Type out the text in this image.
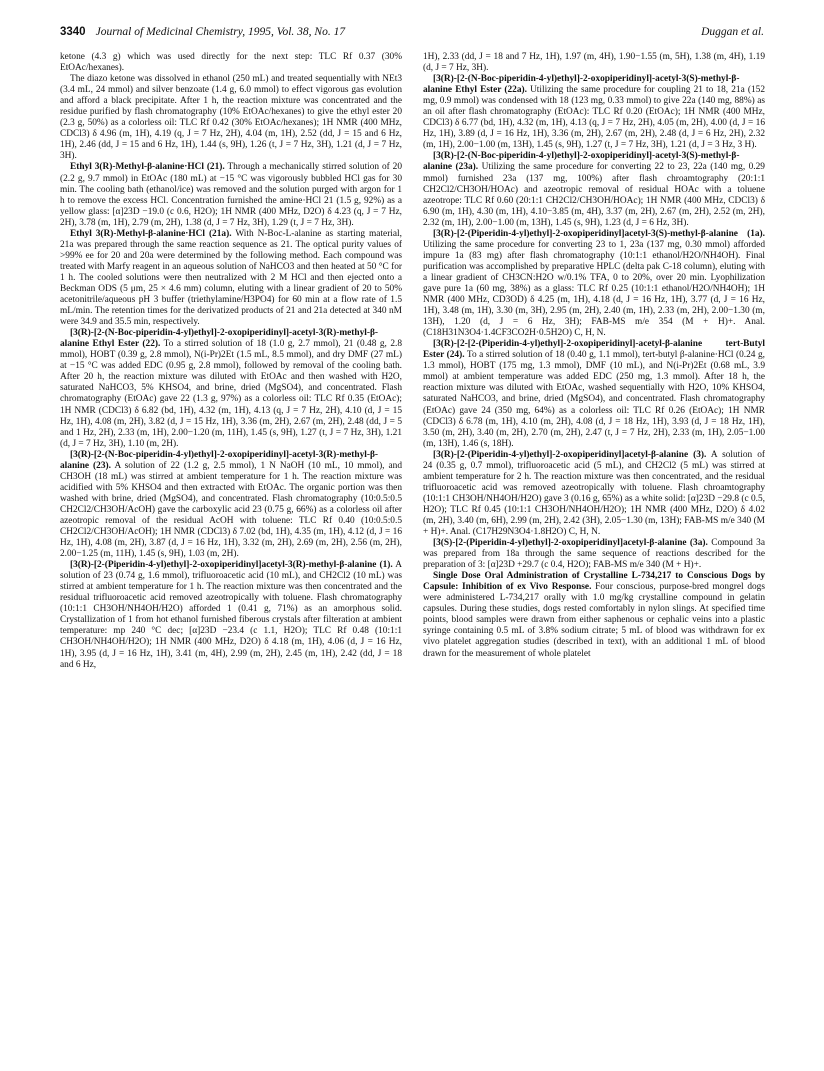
3340 Journal of Medicinal Chemistry, 1995, Vol. 38, No. 17	Duggan et al.

ketone (4.3 g) which was used directly for the next step: TLC Rf 0.37 (30% EtOAc/hexanes).

The diazo ketone was dissolved in ethanol (250 mL) and treated sequentially with NEt3 (3.4 mL, 24 mmol) and silver benzoate (1.4 g, 6.0 mmol) to effect vigorous gas evolution and afford a black precipitate. After 1 h, the reaction mixture was concentrated and the residue purified by flash chromatography (10% EtOAc/hexanes) to give the ethyl ester 20 (2.3 g, 50%) as a colorless oil: TLC Rf 0.42 (30% EtOAc/hexanes); 1H NMR (400 MHz, CDCl3) δ 4.96 (m, 1H), 4.19 (q, J = 7 Hz, 2H), 4.04 (m, 1H), 2.52 (dd, J = 15 and 6 Hz, 1H), 2.46 (dd, J = 15 and 6 Hz, 1H), 1.44 (s, 9H), 1.26 (t, J = 7 Hz, 3H), 1.21 (d, J = 7 Hz, 3H).

Ethyl 3(R)-Methyl-β-alanine·HCl (21). Through a mechanically stirred solution of 20 (2.2 g, 9.7 mmol) in EtOAc (180 mL) at −15 °C was vigorously bubbled HCl gas for 30 min. The cooling bath (ethanol/ice) was removed and the solution purged with argon for 1 h to remove the excess HCl. Concentration furnished the amine·HCl 21 (1.5 g, 92%) as a yellow glass: [α]23D −19.0 (c 0.6, H2O); 1H NMR (400 MHz, D2O) δ 4.23 (q, J = 7 Hz, 2H), 3.78 (m, 1H), 2.79 (m, 2H), 1.38 (d, J = 7 Hz, 3H), 1.29 (t, J = 7 Hz, 3H).

Ethyl 3(R)-Methyl-β-alanine·HCl (21a). With N-Boc-L-alanine as starting material, 21a was prepared through the same reaction sequence as 21. The optical purity values of >99% ee for 20 and 20a were determined by the following method. Each compound was treated with Marfy reagent in an aqueous solution of NaHCO3 and then heated at 50 °C for 1 h. The cooled solutions were then neutralized with 2 M HCl and then ejected onto a Beckman ODS (5 μm, 25 × 4.6 mm) column, eluting with a linear gradient of 20 to 50% acetonitrile/aqueous pH 3 buffer (triethylamine/H3PO4) for 60 min at a flow rate of 1.5 mL/min. The retention times for the derivatized products of 21 and 21a detected at 340 nM were 34.9 and 35.5 min, respectively.

[3(R)-[2-(N-Boc-piperidin-4-yl)ethyl]-2-oxopiperidinyl]-acetyl-3(R)-methyl-β-alanine Ethyl Ester (22). To a stirred solution of 18 (1.0 g, 2.7 mmol), 21 (0.48 g, 2.8 mmol), HOBT (0.39 g, 2.8 mmol), N(i-Pr)2Et (1.5 mL, 8.5 mmol), and dry DMF (27 mL) at −15 °C was added EDC (0.95 g, 2.8 mmol), followed by removal of the cooling bath. After 20 h, the reaction mixture was diluted with EtOAc and then washed with H2O, saturated NaHCO3, 5% KHSO4, and brine, dried (MgSO4), and concentrated. Flash chromatography (EtOAc) gave 22 (1.3 g, 97%) as a colorless oil: TLC Rf 0.35 (EtOAc); 1H NMR (CDCl3) δ 6.82 (bd, 1H), 4.32 (m, 1H), 4.13 (q, J = 7 Hz, 2H), 4.10 (d, J = 15 Hz, 1H), 4.08 (m, 2H), 3.82 (d, J = 15 Hz, 1H), 3.36 (m, 2H), 2.67 (m, 2H), 2.48 (dd, J = 5 and 1 Hz, 2H), 2.33 (m, 1H), 2.00−1.20 (m, 11H), 1.45 (s, 9H), 1.27 (t, J = 7 Hz, 3H), 1.21 (d, J = 7 Hz, 3H), 1.10 (m, 2H).

[3(R)-[2-(N-Boc-piperidin-4-yl)ethyl]-2-oxopiperidinyl]-acetyl-3(R)-methyl-β-alanine (23). A solution of 22 (1.2 g, 2.5 mmol), 1 N NaOH (10 mL, 10 mmol), and CH3OH (18 mL) was stirred at ambient temperature for 1 h. The reaction mixture was acidified with 5% KHSO4 and then extracted with EtOAc. The organic portion was then washed with brine, dried (MgSO4), and concentrated. Flash chromatography (10:0.5:0.5 CH2Cl2/CH3OH/AcOH) gave the carboxylic acid 23 (0.75 g, 66%) as a colorless oil after azeotropic removal of the residual AcOH with toluene: TLC Rf 0.40 (10:0.5:0.5 CH2Cl2/CH3OH/AcOH); 1H NMR (CDCl3) δ 7.02 (bd, 1H), 4.35 (m, 1H), 4.12 (d, J = 16 Hz, 1H), 4.08 (m, 2H), 3.87 (d, J = 16 Hz, 1H), 3.32 (m, 2H), 2.69 (m, 2H), 2.56 (m, 2H), 2.00−1.25 (m, 11H), 1.45 (s, 9H), 1.03 (m, 2H).

[3(R)-[2-(Piperidin-4-yl)ethyl]-2-oxopiperidinyl]acetyl-3(R)-methyl-β-alanine (1). A solution of 23 (0.74 g, 1.6 mmol), trifluoroacetic acid (10 mL), and CH2Cl2 (10 mL) was stirred at ambient temperature for 1 h. The reaction mixture was then concentrated and the residual trifluoroacetic acid removed azeotropically with toluene. Flash chromatography (10:1:1 CH3OH/NH4OH/H2O) afforded 1 (0.41 g, 71%) as an amorphous solid. Crystallization of 1 from hot ethanol furnished fiberous crystals after filteration at ambient temperature: mp 240 °C dec; [α]23D −23.4 (c 1.1, H2O); TLC Rf 0.48 (10:1:1 CH3OH/NH4OH/H2O); 1H NMR (400 MHz, D2O) δ 4.18 (m, 1H), 4.06 (d, J = 16 Hz, 1H), 3.95 (d, J = 16 Hz, 1H), 3.41 (m, 4H), 2.99 (m, 2H), 2.45 (m, 1H), 2.42 (dd, J = 18 and 6 Hz,

1H), 2.33 (dd, J = 18 and 7 Hz, 1H), 1.97 (m, 4H), 1.90−1.55 (m, 5H), 1.38 (m, 4H), 1.19 (d, J = 7 Hz, 3H).

[3(R)-[2-(N-Boc-piperidin-4-yl)ethyl]-2-oxopiperidinyl]-acetyl-3(S)-methyl-β-alanine Ethyl Ester (22a). Utilizing the same procedure for coupling 21 to 18, 21a (152 mg, 0.9 mmol) was condensed with 18 (123 mg, 0.33 mmol) to give 22a (140 mg, 88%) as an oil after flash chromatography (EtOAc): TLC Rf 0.20 (EtOAc); 1H NMR (400 MHz, CDCl3) δ 6.77 (bd, 1H), 4.32 (m, 1H), 4.13 (q, J = 7 Hz, 2H), 4.05 (m, 2H), 4.00 (d, J = 16 Hz, 1H), 3.89 (d, J = 16 Hz, 1H), 3.36 (m, 2H), 2.67 (m, 2H), 2.48 (d, J = 6 Hz, 2H), 2.32 (m, 1H), 2.00−1.00 (m, 13H), 1.45 (s, 9H), 1.27 (t, J = 7 Hz, 3H), 1.21 (d, J = 3 Hz, 3 H).

[3(R)-[2-(N-Boc-piperidin-4-yl)ethyl]-2-oxopiperidinyl]-acetyl-3(S)-methyl-β-alanine (23a). Utilizing the same procedure for converting 22 to 23, 22a (140 mg, 0.29 mmol) furnished 23a (137 mg, 100%) after flash chroamtography (20:1:1 CH2Cl2/CH3OH/HOAc) and azeotropic removal of residual HOAc with a toluene azeotrope: TLC Rf 0.60 (20:1:1 CH2Cl2/CH3OH/HOAc); 1H NMR (400 MHz, CDCl3) δ 6.90 (m, 1H), 4.30 (m, 1H), 4.10−3.85 (m, 4H), 3.37 (m, 2H), 2.67 (m, 2H), 2.52 (m, 2H), 2.32 (m, 1H), 2.00−1.00 (m, 13H), 1.45 (s, 9H), 1.23 (d, J = 6 Hz, 3H).

[3(R)-[2-(Piperidin-4-yl)ethyl]-2-oxopiperidinyl]acetyl-3(S)-methyl-β-alanine (1a). Utilizing the same procedure for converting 23 to 1, 23a (137 mg, 0.30 mmol) afforded impure 1a (83 mg) after flash chromatography (10:1:1 ethanol/H2O/NH4OH). Final purification was accomplished by preparative HPLC (delta pak C-18 column), eluting with a linear gradient of CH3CN:H2O w/0.1% TFA, 0 to 20%, over 20 min. Lyophilization gave pure 1a (60 mg, 38%) as a glass: TLC Rf 0.25 (10:1:1 ethanol/H2O/NH4OH); 1H NMR (400 MHz, CD3OD) δ 4.25 (m, 1H), 4.18 (d, J = 16 Hz, 1H), 3.77 (d, J = 16 Hz, 1H), 3.48 (m, 1H), 3.30 (m, 3H), 2.95 (m, 2H), 2.40 (m, 1H), 2.33 (m, 2H), 2.00−1.30 (m, 13H), 1.20 (d, J = 6 Hz, 3H); FAB-MS m/e 354 (M + H)+. Anal. (C18H31N3O4·1.4CF3CO2H·0.5H2O) C, H, N.

[3(R)-[2-[2-(Piperidin-4-yl)ethyl]-2-oxopiperidinyl]-acetyl-β-alanine tert-Butyl Ester (24). To a stirred solution of 18 (0.40 g, 1.1 mmol), tert-butyl β-alanine·HCl (0.24 g, 1.3 mmol), HOBT (175 mg, 1.3 mmol), DMF (10 mL), and N(i-Pr)2Et (0.68 mL, 3.9 mmol) at ambient temperature was added EDC (250 mg, 1.3 mmol). After 18 h, the reaction mixture was diluted with EtOAc, washed sequentially with H2O, 10% KHSO4, saturated NaHCO3, and brine, dried (MgSO4), and concentrated. Flash chromatography (EtOAc) gave 24 (350 mg, 64%) as a colorless oil: TLC Rf 0.26 (EtOAc); 1H NMR (CDCl3) δ 6.78 (m, 1H), 4.10 (m, 2H), 4.08 (d, J = 18 Hz, 1H), 3.93 (d, J = 18 Hz, 1H), 3.50 (m, 2H), 3.40 (m, 2H), 2.70 (m, 2H), 2.47 (t, J = 7 Hz, 2H), 2.33 (m, 1H), 2.05−1.00 (m, 13H), 1.46 (s, 18H).

[3(R)-[2-(Piperidin-4-yl)ethyl]-2-oxopiperidinyl]acetyl-β-alanine (3). A solution of 24 (0.35 g, 0.7 mmol), trifluoroacetic acid (5 mL), and CH2Cl2 (5 mL) was stirred at ambient temperature for 2 h. The reaction mixture was then concentrated, and the residual trifluoroacetic acid was removed azeotropically with toluene. Flash chroamtography (10:1:1 CH3OH/NH4OH/H2O) gave 3 (0.16 g, 65%) as a white solid: [α]23D −29.8 (c 0.5, H2O); TLC Rf 0.45 (10:1:1 CH3OH/NH4OH/H2O); 1H NMR (400 MHz, D2O) δ 4.02 (m, 2H), 3.40 (m, 6H), 2.99 (m, 2H), 2.42 (3H), 2.05−1.30 (m, 13H); FAB-MS m/e 340 (M + H)+. Anal. (C17H29N3O4·1.8H2O) C, H, N.

[3(S)-[2-(Piperidin-4-yl)ethyl]-2-oxopiperidinyl]acetyl-β-alanine (3a). Compound 3a was prepared from 18a through the same sequence of reactions described for the preparation of 3: [α]23D +29.7 (c 0.4, H2O); FAB-MS m/e 340 (M + H)+.

Single Dose Oral Administration of Crystalline L-734,217 to Conscious Dogs by Capsule: Inhibition of ex Vivo Response. Four conscious, purpose-bred mongrel dogs were administered L-734,217 orally with 1.0 mg/kg crystalline compound in gelatin capsules. During these studies, dogs rested comfortably in nylon slings. At specified time points, blood samples were drawn from either saphenous or cephalic veins into a plastic syringe containing 0.5 mL of 3.8% sodium citrate; 5 mL of blood was withdrawn for ex vivo platelet aggregation studies (described in text), with an additional 1 mL of blood drawn for the measurement of whole platelet
